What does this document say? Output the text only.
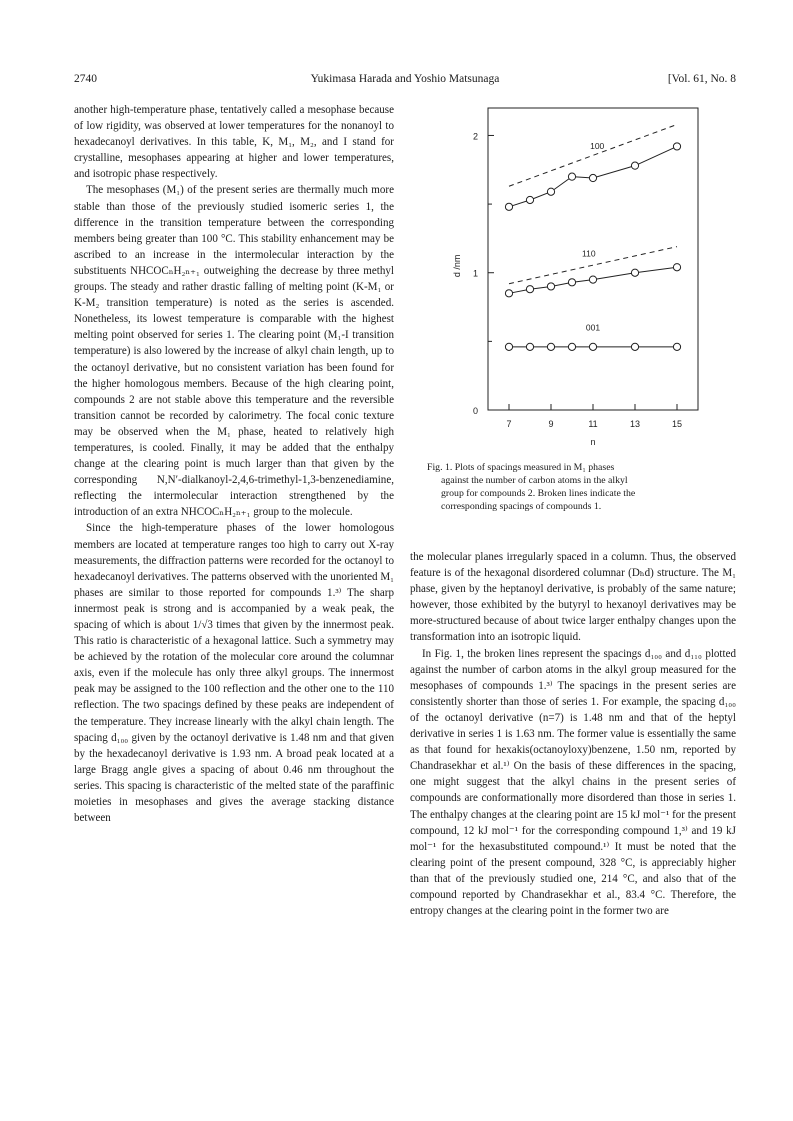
2740	Yukimasa Harada and Yoshio Matsunaga	[Vol. 61, No. 8

another high-temperature phase, tentatively called a mesophase because of low rigidity, was observed at lower temperatures for the nonanoyl to hexadecanoyl derivatives. In this table, K, M₁, M₂, and I stand for crystalline, mesophases appearing at higher and lower temperatures, and isotropic phase respectively.

The mesophases (M₁) of the present series are thermally much more stable than those of the previously studied isomeric series 1, the difference in the transition temperature between the corresponding members being greater than 100 °C. This stability enhancement may be ascribed to an increase in the intermolecular interaction by the substituents NHCOCₙH₂ₙ₊₁ outweighing the decrease by three methyl groups. The steady and rather drastic falling of melting point (K-M₁ or K-M₂ transition temperature) is noted as the series is ascended. Nonetheless, its lowest temperature is comparable with the highest melting point observed for series 1. The clearing point (M₁-I transition temperature) is also lowered by the increase of alkyl chain length, up to the octanoyl derivative, but no consistent variation has been found for the higher homologous members. Because of the high clearing point, compounds 2 are not stable above this temperature and the reversible transition cannot be recorded by calorimetry. The focal conic texture may be observed when the M₁ phase, heated to relatively high temperatures, is cooled. Finally, it may be added that the enthalpy change at the clearing point is much larger than that given by the corresponding N,N′-dialkanoyl-2,4,6-trimethyl-1,3-benzenediamine, reflecting the intermolecular interaction strengthened by the introduction of an extra NHCOCₙH₂ₙ₊₁ group to the molecule.

Since the high-temperature phases of the lower homologous members are located at temperature ranges too high to carry out X-ray measurements, the diffraction patterns were recorded for the octanoyl to hexadecanoyl derivatives. The patterns observed with the unoriented M₁ phases are similar to those reported for compounds 1.³⁾ The sharp innermost peak is strong and is accompanied by a weak peak, the spacing of which is about 1/√3 times that given by the innermost peak. This ratio is characteristic of a hexagonal lattice. Such a symmetry may be achieved by the rotation of the molecular core around the columnar axis, even if the molecule has only three alkyl groups. The innermost peak may be assigned to the 100 reflection and the other one to the 110 reflection. The two spacings defined by these peaks are independent of the temperature. They increase linearly with the alkyl chain length. The spacing d₁₀₀ given by the octanoyl derivative is 1.48 nm and that given by the hexadecanoyl derivative is 1.93 nm. A broad peak located at a large Bragg angle gives a spacing of about 0.46 nm throughout the series. This spacing is characteristic of the melted state of the paraffinic moieties in mesophases and gives the average stacking distance between

0
1
2
7	9	11	13	15
n
d /nm
100
110
001
Fig. 1. Plots of spacings measured in M₁ phases
against the number of carbon atoms in the alkyl
group for compounds 2. Broken lines indicate the
corresponding spacings of compounds 1.

the molecular planes irregularly spaced in a column. Thus, the observed feature is of the hexagonal disordered columnar (Dₕd) structure. The M₁ phase, given by the heptanoyl derivative, is probably of the same nature; however, those exhibited by the butyryl to hexanoyl derivatives may be more-structured because of about twice larger enthalpy changes upon the transformation into an isotropic liquid.

In Fig. 1, the broken lines represent the spacings d₁₀₀ and d₁₁₀ plotted against the number of carbon atoms in the alkyl group measured for the mesophases of compounds 1.³⁾ The spacings in the present series are consistently shorter than those of series 1. For example, the spacing d₁₀₀ of the octanoyl derivative (n=7) is 1.48 nm and that of the heptyl derivative in series 1 is 1.63 nm. The former value is essentially the same as that found for hexakis(octanoyloxy)benzene, 1.50 nm, reported by Chandrasekhar et al.¹⁾ On the basis of these differences in the spacing, one might suggest that the alkyl chains in the present series of compounds are conformationally more disordered than those in series 1. The enthalpy changes at the clearing point are 15 kJ mol⁻¹ for the present compound, 12 kJ mol⁻¹ for the corresponding compound 1,³⁾ and 19 kJ mol⁻¹ for the hexasubstituted compound.¹⁾ It must be noted that the clearing point of the present compound, 328 °C, is appreciably higher than that of the previously studied one, 214 °C, and also that of the compound reported by Chandrasekhar et al., 83.4 °C. Therefore, the entropy changes at the clearing point in the former two are
